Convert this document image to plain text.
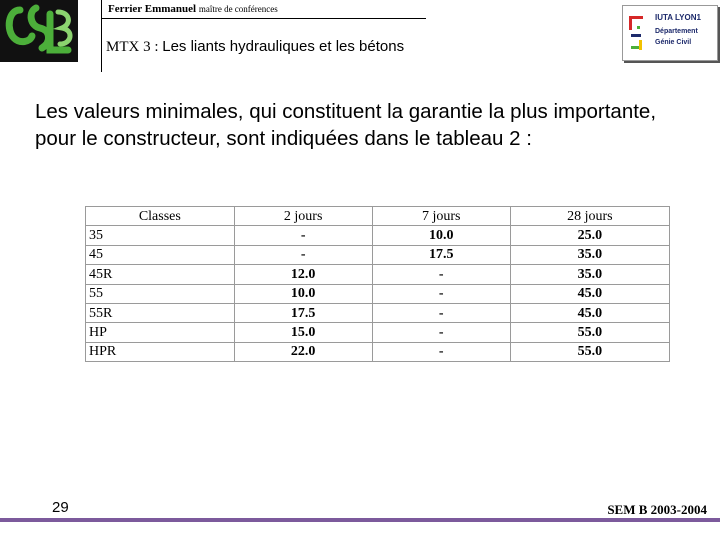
Ferrier Emmanuel maître de conférences
MTX 3 : Les liants hydrauliques et les bétons
IUTA LYON1
Département
Génie Civil
Les valeurs minimales, qui constituent la garantie la plus importante, pour le constructeur, sont indiquées dans le tableau 2 :
Classes	2 jours	7 jours	28 jours
35	-	10.0	25.0
45	-	17.5	35.0
45R	12.0	-	35.0
55	10.0	-	45.0
55R	17.5	-	45.0
HP	15.0	-	55.0
HPR	22.0	-	55.0
29	SEM B 2003-2004
